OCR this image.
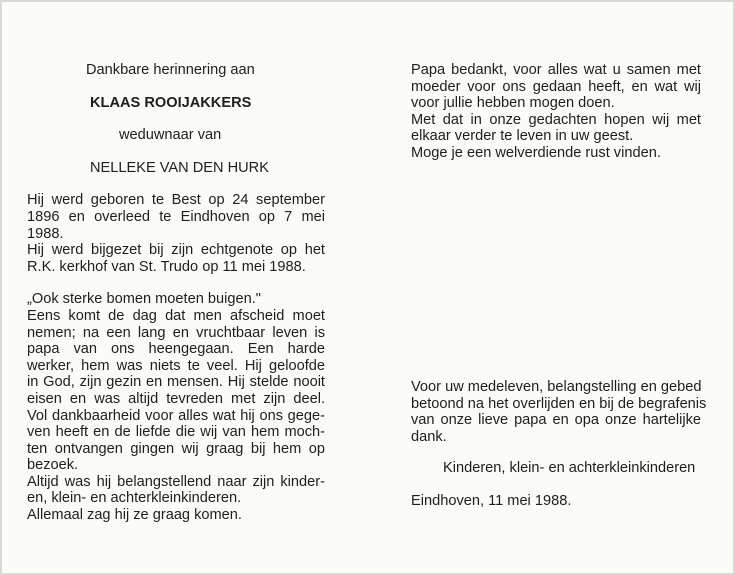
Dankbare herinnering aan
KLAAS ROOIJAKKERS
weduwnaar van
NELLEKE VAN DEN HURK
Hij werd geboren te Best op 24 september
1896 en overleed te Eindhoven op 7 mei
1988.
Hij werd bijgezet bij zijn echtgenote op het
R.K. kerkhof van St. Trudo op 11 mei 1988.
„Ook sterke bomen moeten buigen."
Eens komt de dag dat men afscheid moet
nemen; na een lang en vruchtbaar leven is
papa van ons heengegaan. Een harde
werker, hem was niets te veel. Hij geloofde
in God, zijn gezin en mensen. Hij stelde nooit
eisen en was altijd tevreden met zijn deel.
Vol dankbaarheid voor alles wat hij ons gege-
ven heeft en de liefde die wij van hem moch-
ten ontvangen gingen wij graag bij hem op
bezoek.
Altijd was hij belangstellend naar zijn kinder-
en, klein- en achterkleinkinderen.
Allemaal zag hij ze graag komen.
Papa bedankt, voor alles wat u samen met
moeder voor ons gedaan heeft, en wat wij
voor jullie hebben mogen doen.
Met dat in onze gedachten hopen wij met
elkaar verder te leven in uw geest.
Moge je een welverdiende rust vinden.
Voor uw medeleven, belangstelling en gebed
betoond na het overlijden en bij de begrafenis
van onze lieve papa en opa onze hartelijke
dank.
Kinderen, klein- en achterkleinkinderen
Eindhoven, 11 mei 1988.
